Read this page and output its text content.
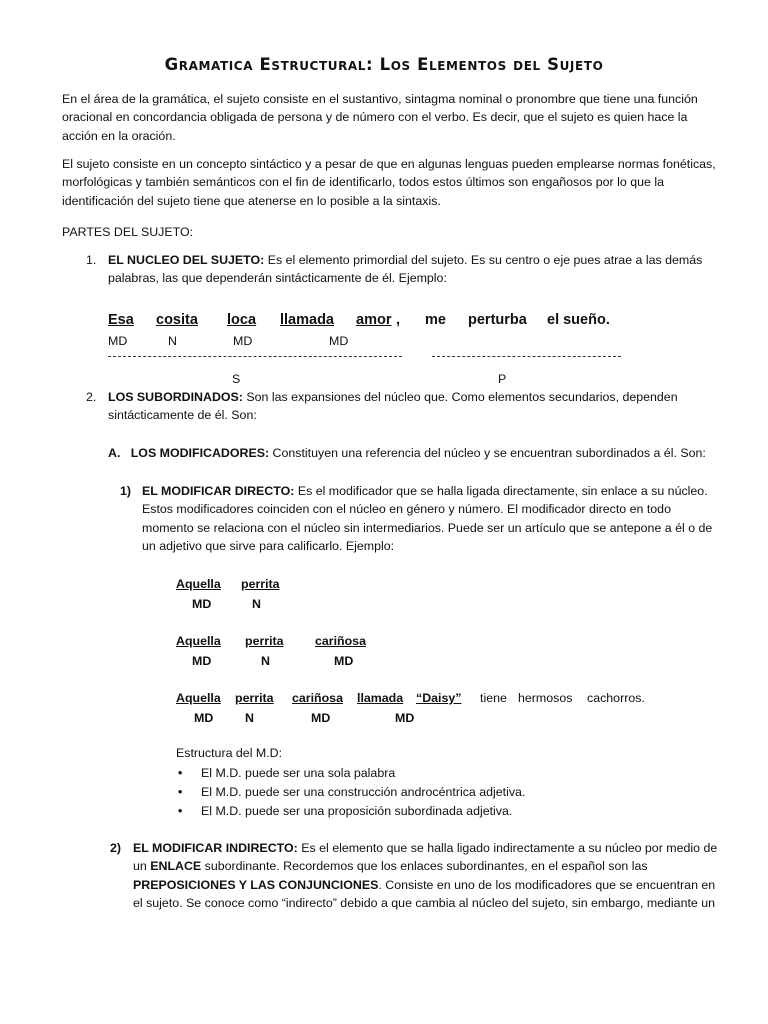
Gramatica Estructural: Los Elementos del Sujeto
En el área de la gramática, el sujeto consiste en el sustantivo, sintagma nominal o pronombre que tiene una función oracional en concordancia obligada de persona y de número con el verbo. Es decir, que el sujeto es quien hace la acción en la oración.
El sujeto consiste en un concepto sintáctico y a pesar de que en algunas lenguas pueden emplearse normas fonéticas, morfológicas y también semánticos con el fin de identificarlo, todos estos últimos son engañosos por lo que la identificación del sujeto tiene que atenerse en lo posible a la sintaxis.
PARTES DEL SUJETO:
1. EL NUCLEO DEL SUJETO: Es el elemento primordial del sujeto. Es su centro o eje pues atrae a las demás palabras, las que dependerán sintácticamente de él. Ejemplo:
Esa cosita loca llamada amor , me perturba el sueño.
MD	N	MD	MD
S	P
2. LOS SUBORDINADOS: Son las expansiones del núcleo que. Como elementos secundarios, dependen sintácticamente de él. Son:
A. LOS MODIFICADORES: Constituyen una referencia del núcleo y se encuentran subordinados a él. Son:
1) EL MODIFICAR DIRECTO: Es el modificador que se halla ligada directamente, sin enlace a su núcleo. Estos modificadores coinciden con el núcleo en género y número. El modificador directo en todo momento se relaciona con el núcleo sin intermediarios. Puede ser un artículo que se antepone a él o de un adjetivo que sirve para calificarlo. Ejemplo:
Aquella perrita
MD	N
Aquella perrita	cariñosa
MD	N	MD
Aquella perrita cariñosa llamada “Daisy” tiene hermosos cachorros.
MD	N	MD	MD
Estructura del M.D:
• El M.D. puede ser una sola palabra
• El M.D. puede ser una construcción androcéntrica adjetiva.
• El M.D. puede ser una proposición subordinada adjetiva.
2) EL MODIFICAR INDIRECTO: Es el elemento que se halla ligado indirectamente a su núcleo por medio de un ENLACE subordinante. Recordemos que los enlaces subordinantes, en el español son las PREPOSICIONES Y LAS CONJUNCIONES. Consiste en uno de los modificadores que se encuentran en el sujeto. Se conoce como “indirecto” debido a que cambia al núcleo del sujeto, sin embargo, mediante un
